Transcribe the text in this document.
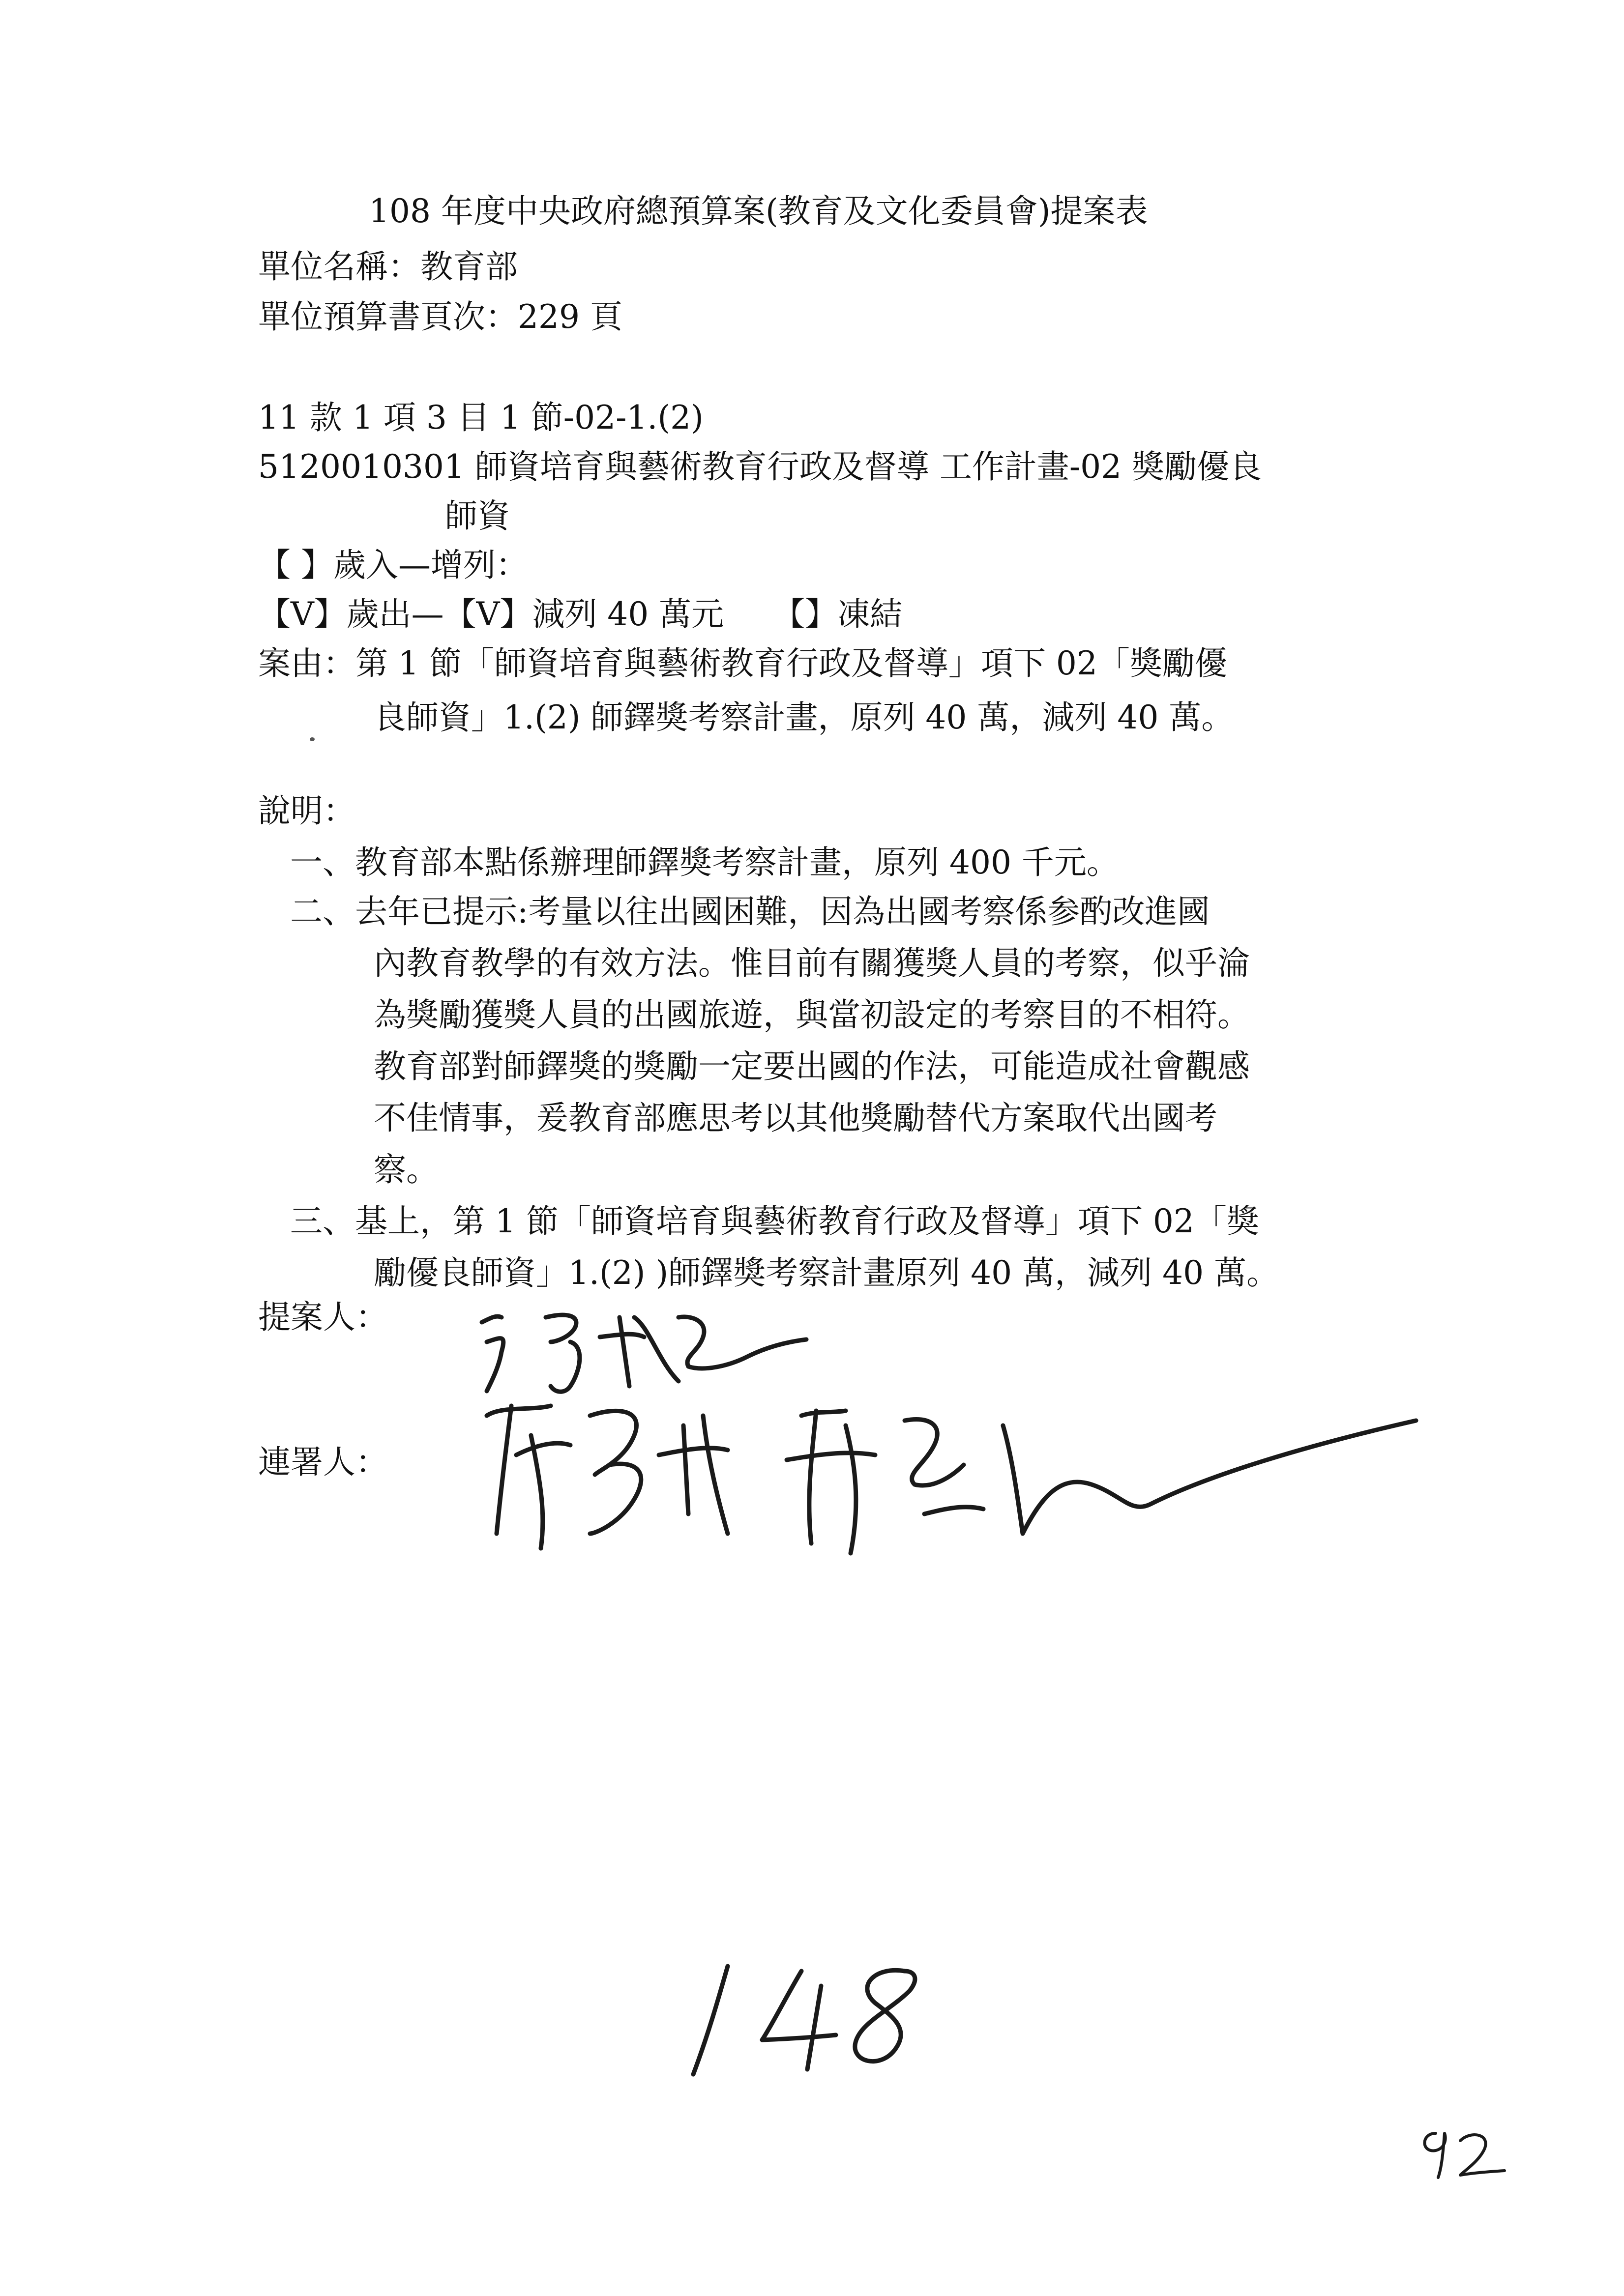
108 年度中央政府總預算案(教育及文化委員會)提案表
單位名稱：教育部
單位預算書頁次：229 頁
11 款 1 項 3 目 1 節-02-1.(2)
5120010301 師資培育與藝術教育行政及督導 工作計畫-02 獎勵優良
師資
【 】歲入—增列：
【V】歲出—【V】減列 40 萬元　　【】凍結
案由：第 1 節「師資培育與藝術教育行政及督導」項下 02「獎勵優
良師資」1.(2) 師鐸獎考察計畫，原列 40 萬，減列 40 萬。
說明：
一、教育部本點係辦理師鐸獎考察計畫，原列 400 千元。
二、去年已提示:考量以往出國困難，因為出國考察係参酌改進國
內教育教學的有效方法。惟目前有關獲獎人員的考察，似乎淪
為獎勵獲獎人員的出國旅遊，與當初設定的考察目的不相符。
教育部對師鐸獎的獎勵一定要出國的作法，可能造成社會觀感
不佳情事，爰教育部應思考以其他獎勵替代方案取代出國考
察。
三、基上，第 1 節「師資培育與藝術教育行政及督導」項下 02「獎
勵優良師資」1.(2) )師鐸獎考察計畫原列 40 萬，減列 40 萬。
提案人：
連署人：
